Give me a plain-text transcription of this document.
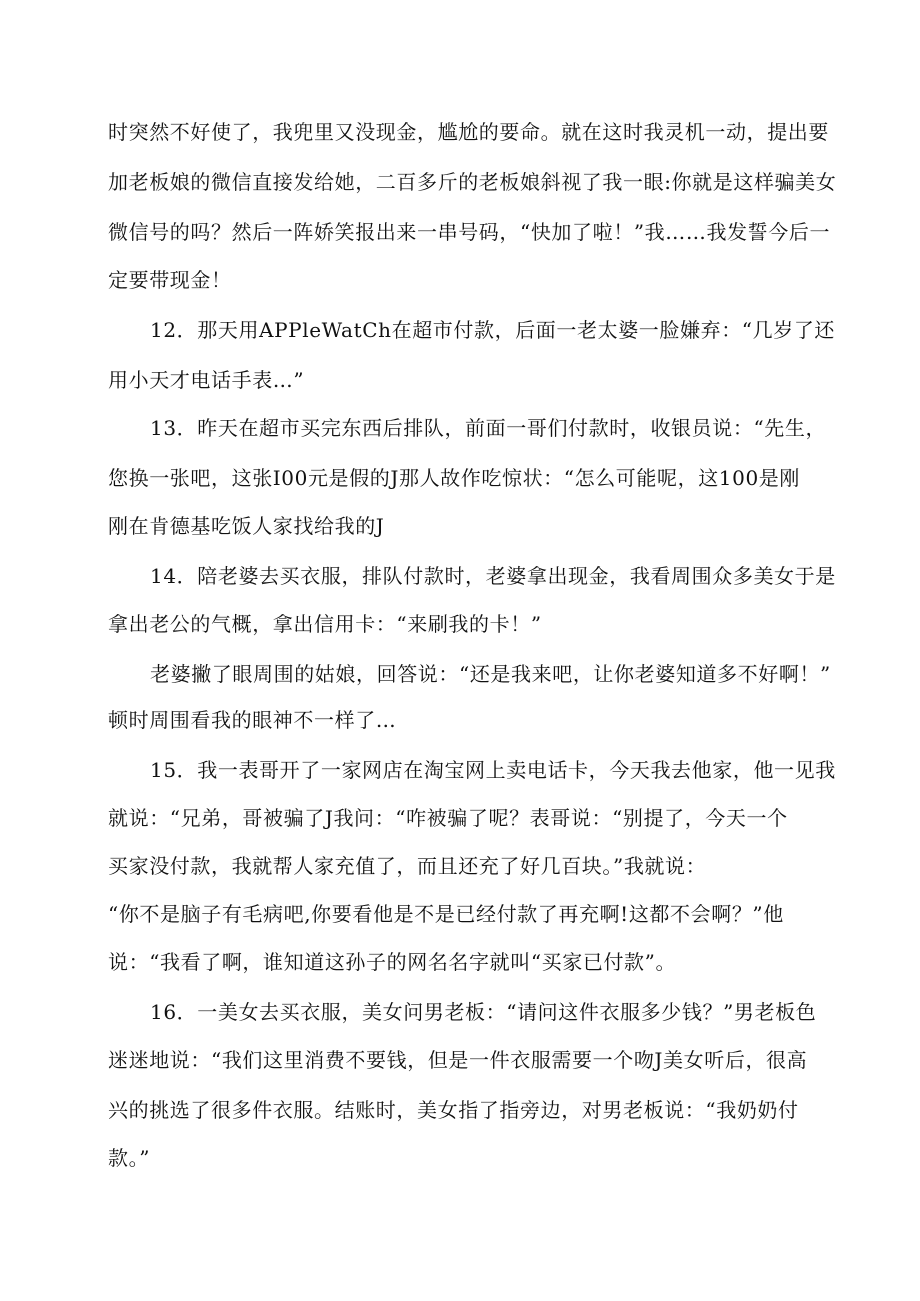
时突然不好使了，我兜里又没现金，尴尬的要命。就在这时我灵机一动，提出要
加老板娘的微信直接发给她，二百多斤的老板娘斜视了我一眼:你就是这样骗美女
微信号的吗？然后一阵娇笑报出来一串号码，“快加了啦！”我……我发誓今后一
定要带现金！
12．那天用APPleWatCh在超市付款，后面一老太婆一脸嫌弃：“几岁了还
用小天才电话手表…”
13．昨天在超市买完东西后排队，前面一哥们付款时，收银员说：“先生，
您换一张吧，这张I00元是假的J那人故作吃惊状：“怎么可能呢，这100是刚
刚在肯德基吃饭人家找给我的J
14．陪老婆去买衣服，排队付款时，老婆拿出现金，我看周围众多美女于是
拿出老公的气概，拿出信用卡：“来刷我的卡！”
老婆撇了眼周围的姑娘，回答说：“还是我来吧，让你老婆知道多不好啊！”
顿时周围看我的眼神不一样了…
15．我一表哥开了一家网店在淘宝网上卖电话卡，今天我去他家，他一见我
就说：“兄弟，哥被骗了J我问：“咋被骗了呢？表哥说：“别提了，今天一个
买家没付款，我就帮人家充值了，而且还充了好几百块。”我就说：
“你不是脑子有毛病吧,你要看他是不是已经付款了再充啊!这都不会啊？”他
说：“我看了啊，谁知道这孙子的网名名字就叫“买家已付款”。
16．一美女去买衣服，美女问男老板：“请问这件衣服多少钱？”男老板色
迷迷地说：“我们这里消费不要钱，但是一件衣服需要一个吻J美女听后，很高
兴的挑选了很多件衣服。结账时，美女指了指旁边，对男老板说：“我奶奶付
款。”
